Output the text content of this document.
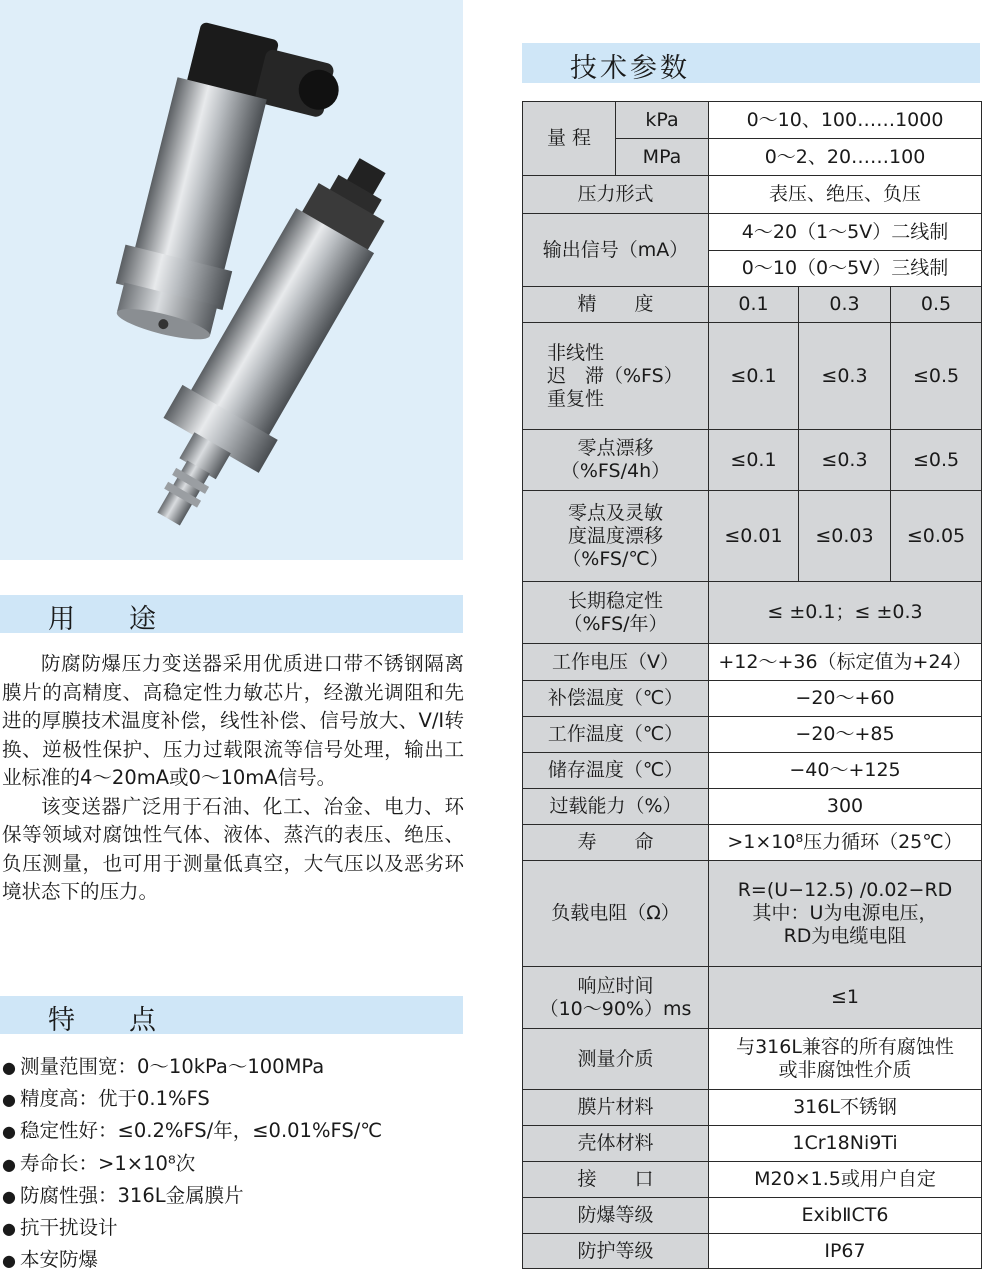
用　　途

防腐防爆压力变送器采用优质进口带不锈钢隔离膜片的高精度、高稳定性力敏芯片，经激光调阻和先进的厚膜技术温度补偿，线性补偿、信号放大、V/I转换、逆极性保护、压力过载限流等信号处理，输出工业标准的4～20mA或0～10mA信号。

该变送器广泛用于石油、化工、冶金、电力、环保等领域对腐蚀性气体、液体、蒸汽的表压、绝压、负压测量，也可用于测量低真空，大气压以及恶劣环境状态下的压力。

特　　点
● 测量范围宽：0～10kPa～100MPa
● 精度高：优于0.1%FS
● 稳定性好：≤0.2%FS/年，≤0.01%FS/℃
● 寿命长：>1×10⁸次
● 防腐性强：316L金属膜片
● 抗干扰设计
● 本安防爆
技术参数
量 程	kPa	0～10、100……1000		
	MPa	0～2、20……100		
压力形式		表压、绝压、负压		
输出信号（mA）		4～20（1～5V）二线制		
		0～10（0～5V）三线制		
精　　度		0.1	0.3	0.5

非线性
迟　滞（%FS）
重复性		≤0.1	≤0.3	≤0.5

零点漂移
（%FS/4h）		≤0.1	≤0.3	≤0.5

零点及灵敏
度温度漂移
（%FS/℃）		≤0.01	≤0.03	≤0.05

长期稳定性
（%FS/年）		≤ ±0.1；≤ ±0.3		
工作电压（V）		+12～+36（标定值为+24）		
补偿温度（℃）		−20～+60		
工作温度（℃）		−20～+85		
储存温度（℃）		−40～+125		
过载能力（%）		300		
寿　　命		>1×10⁸压力循环（25℃）		
负载电阻（Ω）		R=(U−12.5) /0.02−RD
其中：U为电源电压，
RD为电缆电阻		

响应时间
（10～90%）ms		≤1		
测量介质		与316L兼容的所有腐蚀性
或非腐蚀性介质		

膜片材料		316L不锈钢		
壳体材料		1Cr18Ni9Ti		
接　　口		M20×1.5或用户自定		
防爆等级		ExibⅡCT6		
防护等级		IP67		
